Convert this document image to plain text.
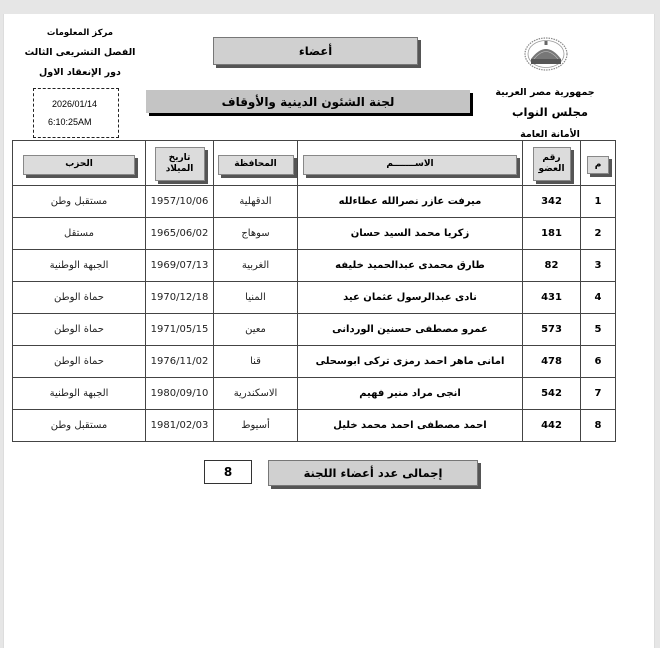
مركز المعلومات
الفصل التشريعى الثالث
دور الإنعقاد الاول
2026/01/14
6:10:25AM
جمهورية مصر العربية
مجلس النواب
الأمانة العامة
أعضاء
لجنة الشئون الدينية والأوقاف
الحزب	تاريخ الميلاد	المحافظة	الاســـــــم	رقم العضو	م
مستقبل وطن	1957/10/06	الدقهلية	ميرفت عازر نصرالله عطاءلله	342	1
مستقل	1965/06/02	سوهاج	زكريا محمد السيد حسان	181	2
الجبهة الوطنية	1969/07/13	الغربية	طارق محمدى عبدالحميد خليفه	82	3
حماة الوطن	1970/12/18	المنيا	نادى عبدالرسول عثمان عيد	431	4
حماة الوطن	1971/05/15	معين	عمرو مصطفى حسنين الوردانى	573	5
حماة الوطن	1976/11/02	قنا	امانى ماهر احمد رمزى تركى ابوسحلى	478	6
الجبهة الوطنية	1980/09/10	الاسكندرية	انجى مراد منير فهيم	542	7
مستقبل وطن	1981/02/03	أسيوط	احمد مصطفى احمد محمد خليل	442	8
8	إجمالى عدد أعضاء اللجنة
